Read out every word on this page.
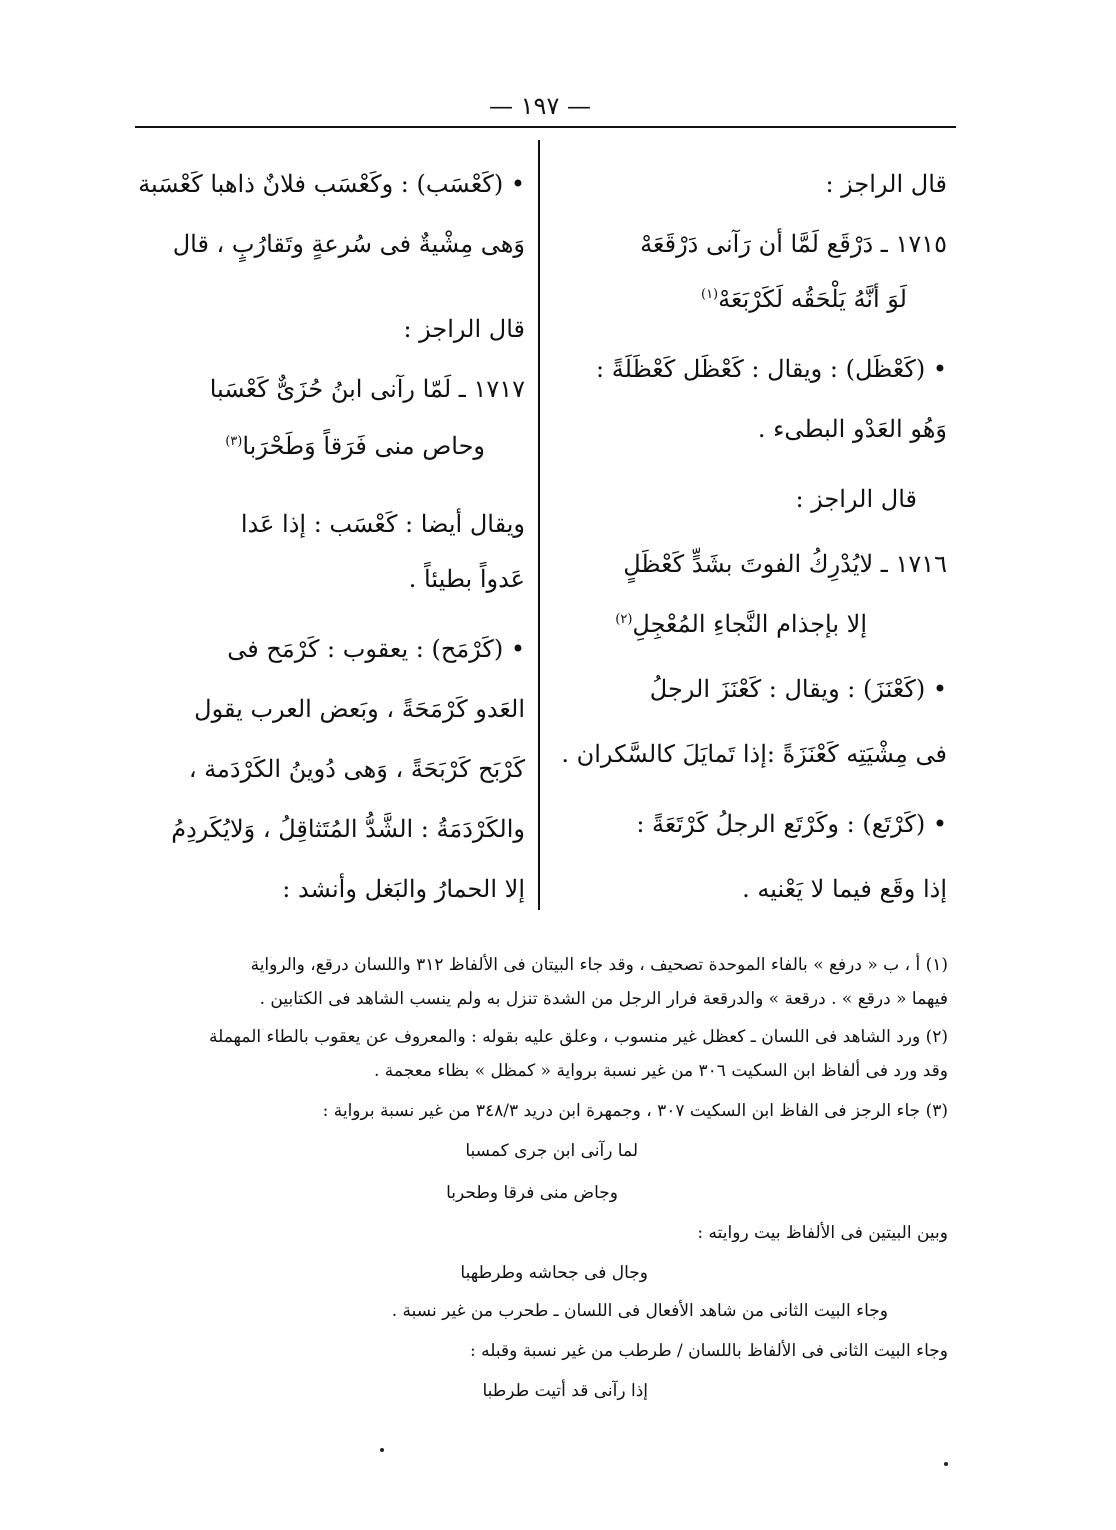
— ١٩٧ —
قال الراجز :
١٧١٥ ـ دَرْقَع لَمَّا أن رَآنى دَرْقَعَهْ
لَوَ أنَّهُ يَلْحَقُه لَكَرْبَعَهْ$^{(١)}$
• (كَعْظَل) : ويقال : كَعْظَل كَعْظَلَةً :
وَهُو العَدْو البطىء .
قال الراجز :
١٧١٦ ـ لايُدْرِكُ الفوتَ بشَدٍّ كَعْظَلٍ
إلا بإجذام النَّجاءِ المُعْجِلِ$^{(٢)}$
• (كَعْنَزَ) : ويقال : كَعْنَزَ الرجلُ
فى مِشْيَتِه كَعْنَزَةً :إذا تَمايَلَ كالسَّكران .
• (كَرْتَع) : وكَرْتَع الرجلُ كَرْتَعَةً :
إذا وقَع فيما لا يَعْنيه .
• (كَعْسَب) : وكَعْسَب فلانٌ ذاهبا كَعْسَبة
وَهى مِشْيةٌ فى سُرعةٍ وتَقارُبٍ ، قال
قال الراجز :
١٧١٧ ـ لَمّا رآنى ابنُ حُزَىٌّ كَعْسَبا
وحاص منى فَرَقاً وَطَحْرَبا$^{(٣)}$
ويقال أيضا : كَعْسَب : إذا عَدا
عَدواً بطيئاً .
• (كَرْمَح) : يعقوب : كَرْمَح فى
العَدو كَرْمَحَةً ، وبَعض العرب يقول
كَرْبَح كَرْبَحَةً ، وَهى دُوينُ الكَرْدَمة ،
والكَرْدَمَةُ : الشَّدُّ المُتَثاقِلُ ، وَلايُكَردِمُ
إلا الحمارُ والبَغل وأنشد :
(١) أ ، ب « درفع » بالفاء الموحدة تصحيف ، وقد جاء البيتان فى الألفاظ ٣١٢ واللسان درقع، والرواية
فيهما « درقع » . درقعة » والدرقعة فرار الرجل من الشدة تنزل به ولم ينسب الشاهد فى الكتابين .
(٢) ورد الشاهد فى اللسان ـ كعظل غير منسوب ، وعلق عليه بقوله : والمعروف عن يعقوب بالطاء المهملة
وقد ورد فى ألفاظ ابن السكيت ٣٠٦ من غير نسبة برواية « كمظل » بظاء معجمة .
(٣) جاء الرجز فى الفاظ ابن السكيت ٣٠٧ ، وجمهرة ابن دريد ٣٤٨/٣ من غير نسبة برواية :
لما رآنى ابن جرى كمسبا
وجاض منى فرقا وطحربا
وبين البيتين فى الألفاظ بيت روايته :
وجال فى جحاشه وطرطهبا
وجاء البيت الثانى من شاهد الأفعال فى اللسان ـ طحرب من غير نسبة .
وجاء البيت الثانى فى الألفاظ باللسان / طرطب من غير نسبة وقبله :
إذا رآنى قد أتيت طرطبا
